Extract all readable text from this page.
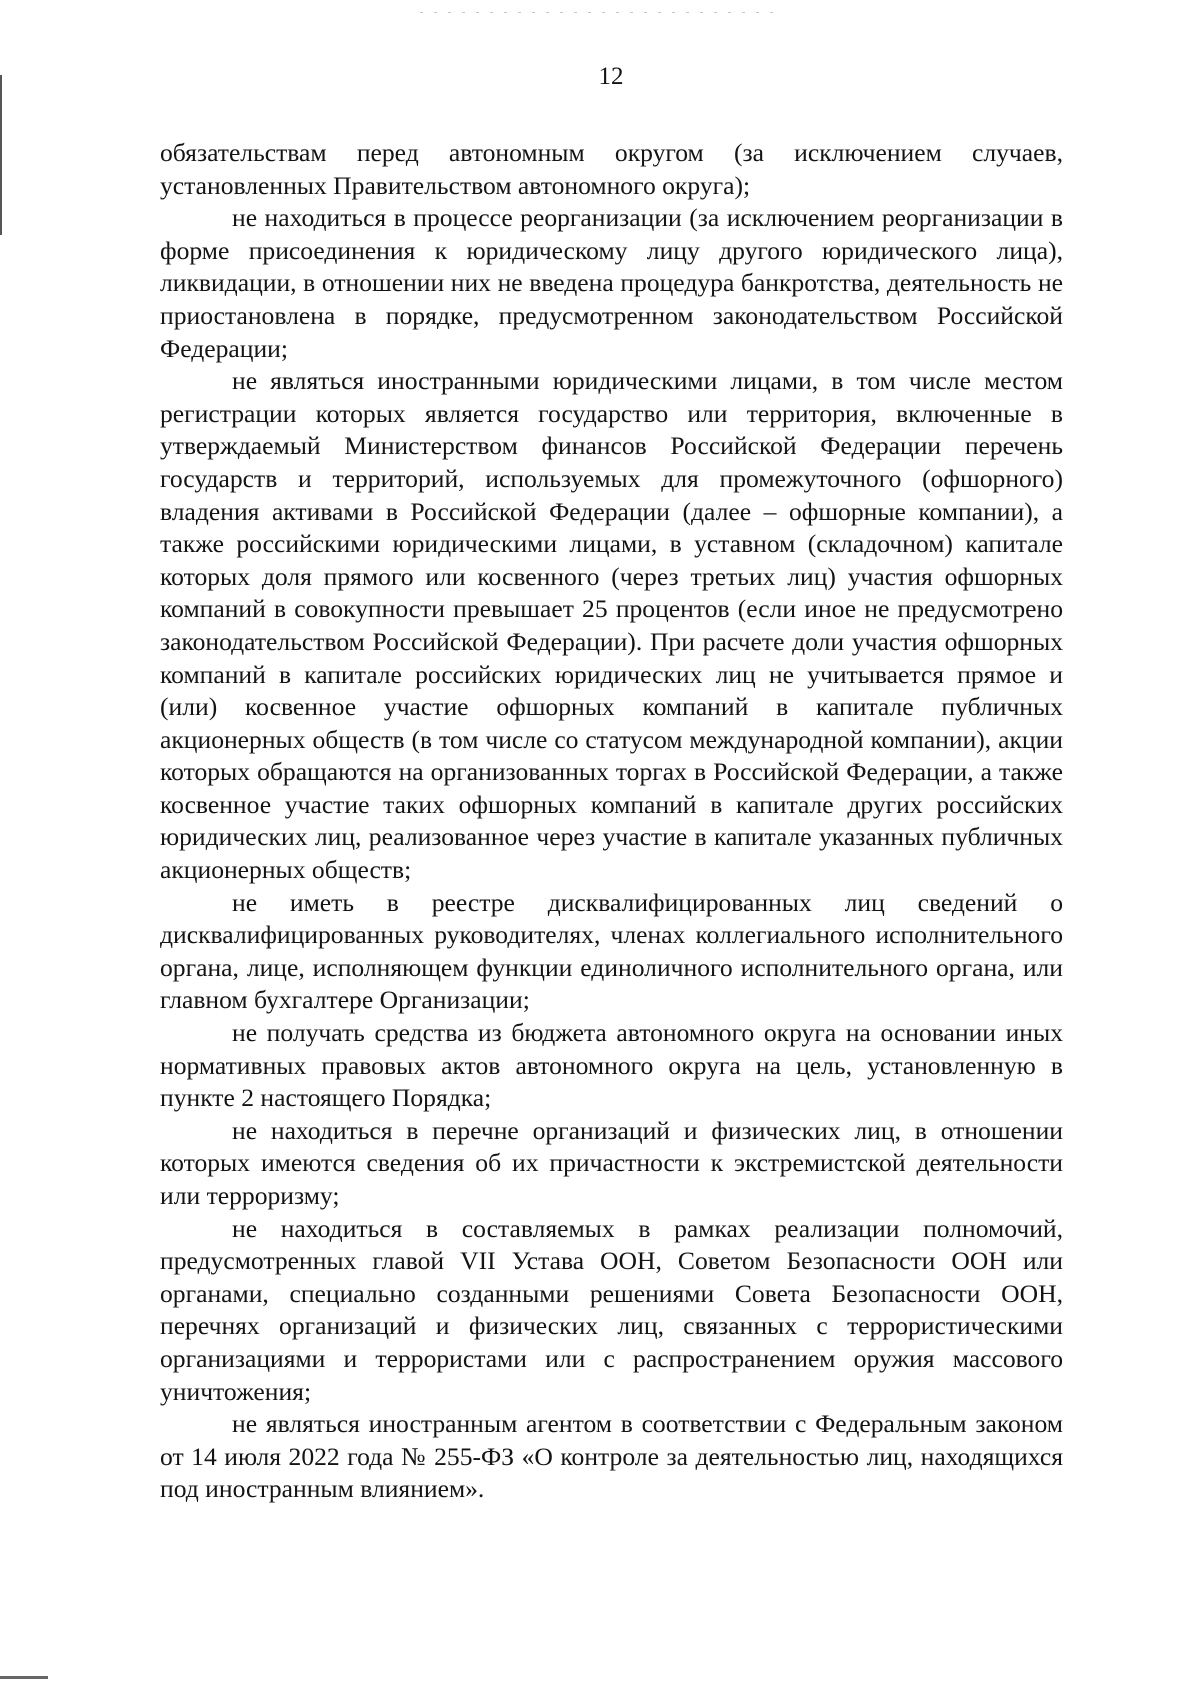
12

обязательствам перед автономным округом (за исключением случаев, установленных Правительством автономного округа);

не находиться в процессе реорганизации (за исключением реорганизации в форме присоединения к юридическому лицу другого юридического лица), ликвидации, в отношении них не введена процедура банкротства, деятельность не приостановлена в порядке, предусмотренном законодательством Российской Федерации;

не являться иностранными юридическими лицами, в том числе местом регистрации которых является государство или территория, включенные в утверждаемый Министерством финансов Российской Федерации перечень государств и территорий, используемых для промежуточного (офшорного) владения активами в Российской Федерации (далее – офшорные компании), а также российскими юридическими лицами, в уставном (складочном) капитале которых доля прямого или косвенного (через третьих лиц) участия офшорных компаний в совокупности превышает 25 процентов (если иное не предусмотрено законодательством Российской Федерации). При расчете доли участия офшорных компаний в капитале российских юридических лиц не учитывается прямое и (или) косвенное участие офшорных компаний в капитале публичных акционерных обществ (в том числе со статусом международной компании), акции которых обращаются на организованных торгах в Российской Федерации, а также косвенное участие таких офшорных компаний в капитале других российских юридических лиц, реализованное через участие в капитале указанных публичных акционерных обществ;

не иметь в реестре дисквалифицированных лиц сведений о дисквалифицированных руководителях, членах коллегиального исполнительного органа, лице, исполняющем функции единоличного исполнительного органа, или главном бухгалтере Организации;

не получать средства из бюджета автономного округа на основании иных нормативных правовых актов автономного округа на цель, установленную в пункте 2 настоящего Порядка;

не находиться в перечне организаций и физических лиц, в отношении которых имеются сведения об их причастности к экстремистской деятельности или терроризму;

не находиться в составляемых в рамках реализации полномочий, предусмотренных главой VII Устава ООН, Советом Безопасности ООН или органами, специально созданными решениями Совета Безопасности ООН, перечнях организаций и физических лиц, связанных с террористическими организациями и террористами или с распространением оружия массового уничтожения;

не являться иностранным агентом в соответствии с Федеральным законом от 14 июля 2022 года № 255-ФЗ «О контроле за деятельностью лиц, находящихся под иностранным влиянием».
